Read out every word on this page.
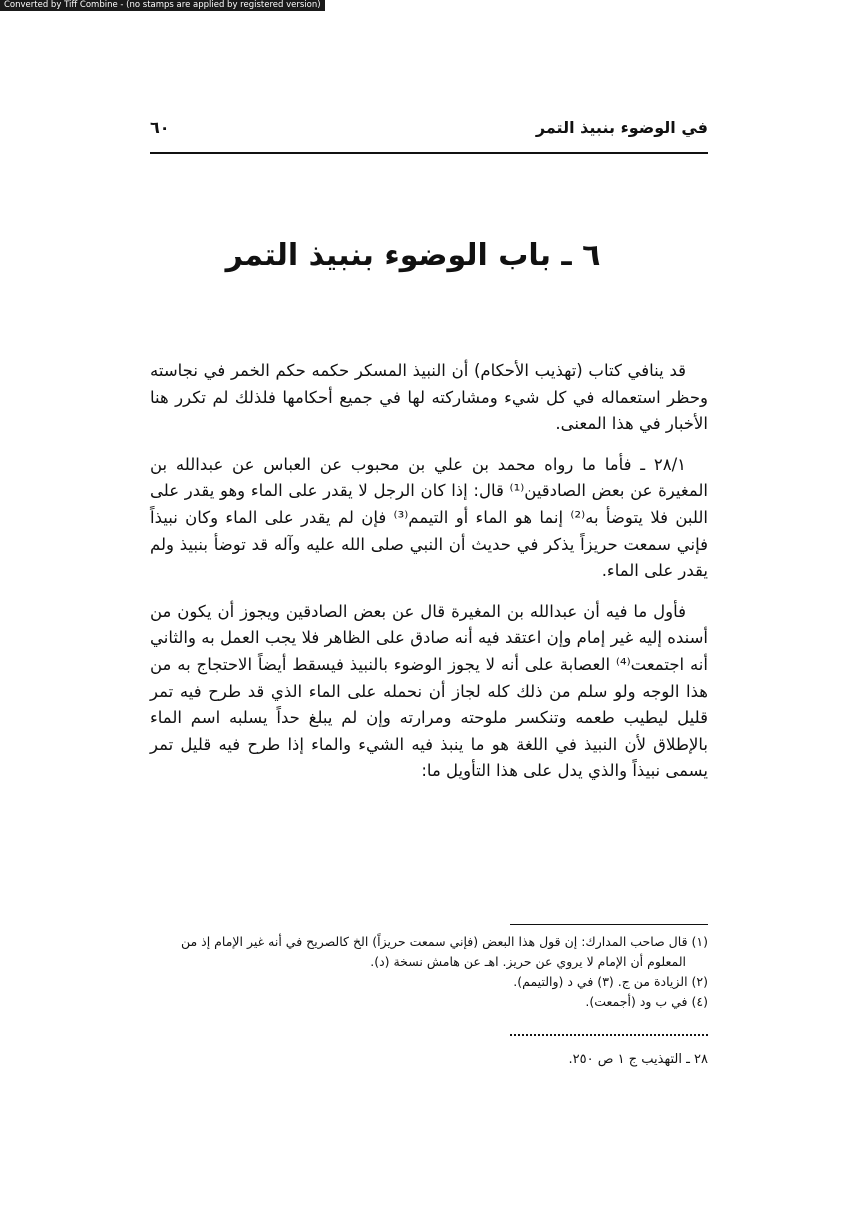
Converted by Tiff Combine - (no stamps are applied by registered version)
في الوضوء بنبيذ التمر
٦٠
٦ ـ باب الوضوء بنبيذ التمر

قد ينافي كتاب (تهذيب الأحكام) أن النبيذ المسكر حكمه حكم الخمر في نجاسته وحظر استعماله في كل شيء ومشاركته لها في جميع أحكامها فلذلك لم تكرر هنا الأخبار في هذا المعنى.

٢٨/١ ـ فأما ما رواه محمد بن علي بن محبوب عن العباس عن عبدالله بن المغيرة عن بعض الصادقين⁽¹⁾ قال: إذا كان الرجل لا يقدر على الماء وهو يقدر على اللبن فلا يتوضأ به⁽²⁾ إنما هو الماء أو التيمم⁽³⁾ فإن لم يقدر على الماء وكان نبيذاً فإني سمعت حريزاً يذكر في حديث أن النبي صلى الله عليه وآله قد توضأ بنبيذ ولم يقدر على الماء.

فأول ما فيه أن عبدالله بن المغيرة قال عن بعض الصادقين ويجوز أن يكون من أسنده إليه غير إمام وإن اعتقد فيه أنه صادق على الظاهر فلا يجب العمل به والثاني أنه اجتمعت⁽⁴⁾ العصابة على أنه لا يجوز الوضوء بالنبيذ فيسقط أيضاً الاحتجاج به من هذا الوجه ولو سلم من ذلك كله لجاز أن نحمله على الماء الذي قد طرح فيه تمر قليل ليطيب طعمه وتنكسر ملوحته ومرارته وإن لم يبلغ حداً يسلبه اسم الماء بالإطلاق لأن النبيذ في اللغة هو ما ينبذ فيه الشيء والماء إذا طرح فيه قليل تمر يسمى نبيذاً والذي يدل على هذا التأويل ما:

(١) قال صاحب المدارك: إن قول هذا البعض (فإني سمعت حريزاً) الخ كالصريح في أنه غير الإمام إذ من المعلوم أن الإمام لا يروي عن حريز. اهـ عن هامش نسخة (د).
(٢) الزيادة من ج. (٣) في د (والتيمم).
(٤) في ب ود (أجمعت).
٢٨ ـ التهذيب ج ١ ص ٢٥٠.
